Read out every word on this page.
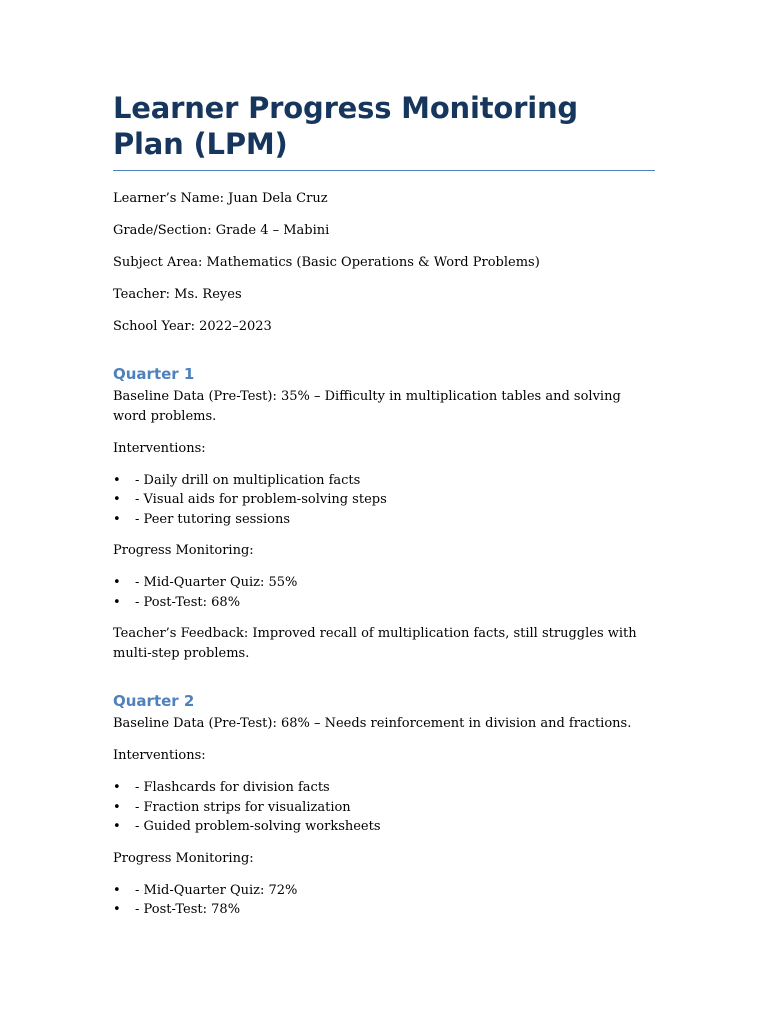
Learner Progress Monitoring Plan (LPM)

Learner’s Name: Juan Dela Cruz

Grade/Section: Grade 4 – Mabini

Subject Area: Mathematics (Basic Operations & Word Problems)

Teacher: Ms. Reyes

School Year: 2022–2023

Quarter 1

Baseline Data (Pre-Test): 35% – Difficulty in multiplication tables and solving word problems.

Interventions:

• - Daily drill on multiplication facts
• - Visual aids for problem-solving steps
• - Peer tutoring sessions

Progress Monitoring:

• - Mid-Quarter Quiz: 55%
• - Post-Test: 68%

Teacher’s Feedback: Improved recall of multiplication facts, still struggles with multi-step problems.

Quarter 2

Baseline Data (Pre-Test): 68% – Needs reinforcement in division and fractions.

Interventions:

• - Flashcards for division facts
• - Fraction strips for visualization
• - Guided problem-solving worksheets

Progress Monitoring:

• - Mid-Quarter Quiz: 72%
• - Post-Test: 78%
